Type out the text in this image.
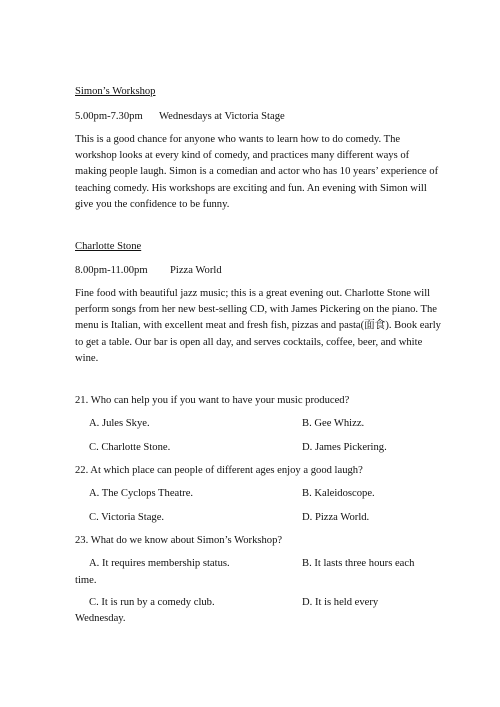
Simon’s Workshop
5.00pm-7.30pm Wednesdays at Victoria Stage
This is a good chance for anyone who wants to learn how to do comedy. The
workshop looks at every kind of comedy, and practices many different ways of
making people laugh. Simon is a comedian and actor who has 10 years’ experience of
teaching comedy. His workshops are exciting and fun. An evening with Simon will
give you the confidence to be funny.
Charlotte Stone
8.00pm-11.00pm Pizza World
Fine food with beautiful jazz music; this is a great evening out. Charlotte Stone will
perform songs from her new best-selling CD, with James Pickering on the piano. The
menu is Italian, with excellent meat and fresh fish, pizzas and pasta(面食). Book early
to get a table. Our bar is open all day, and serves cocktails, coffee, beer, and white
wine.
21. Who can help you if you want to have your music produced?
A. Jules Skye.	B. Gee Whizz.
C. Charlotte Stone.	D. James Pickering.
22. At which place can people of different ages enjoy a good laugh?
A. The Cyclops Theatre.	B. Kaleidoscope.
C. Victoria Stage.	D. Pizza World.
23. What do we know about Simon’s Workshop?
A. It requires membership status.	B. It lasts three hours each
time.
C. It is run by a comedy club.	D. It is held every
Wednesday.
